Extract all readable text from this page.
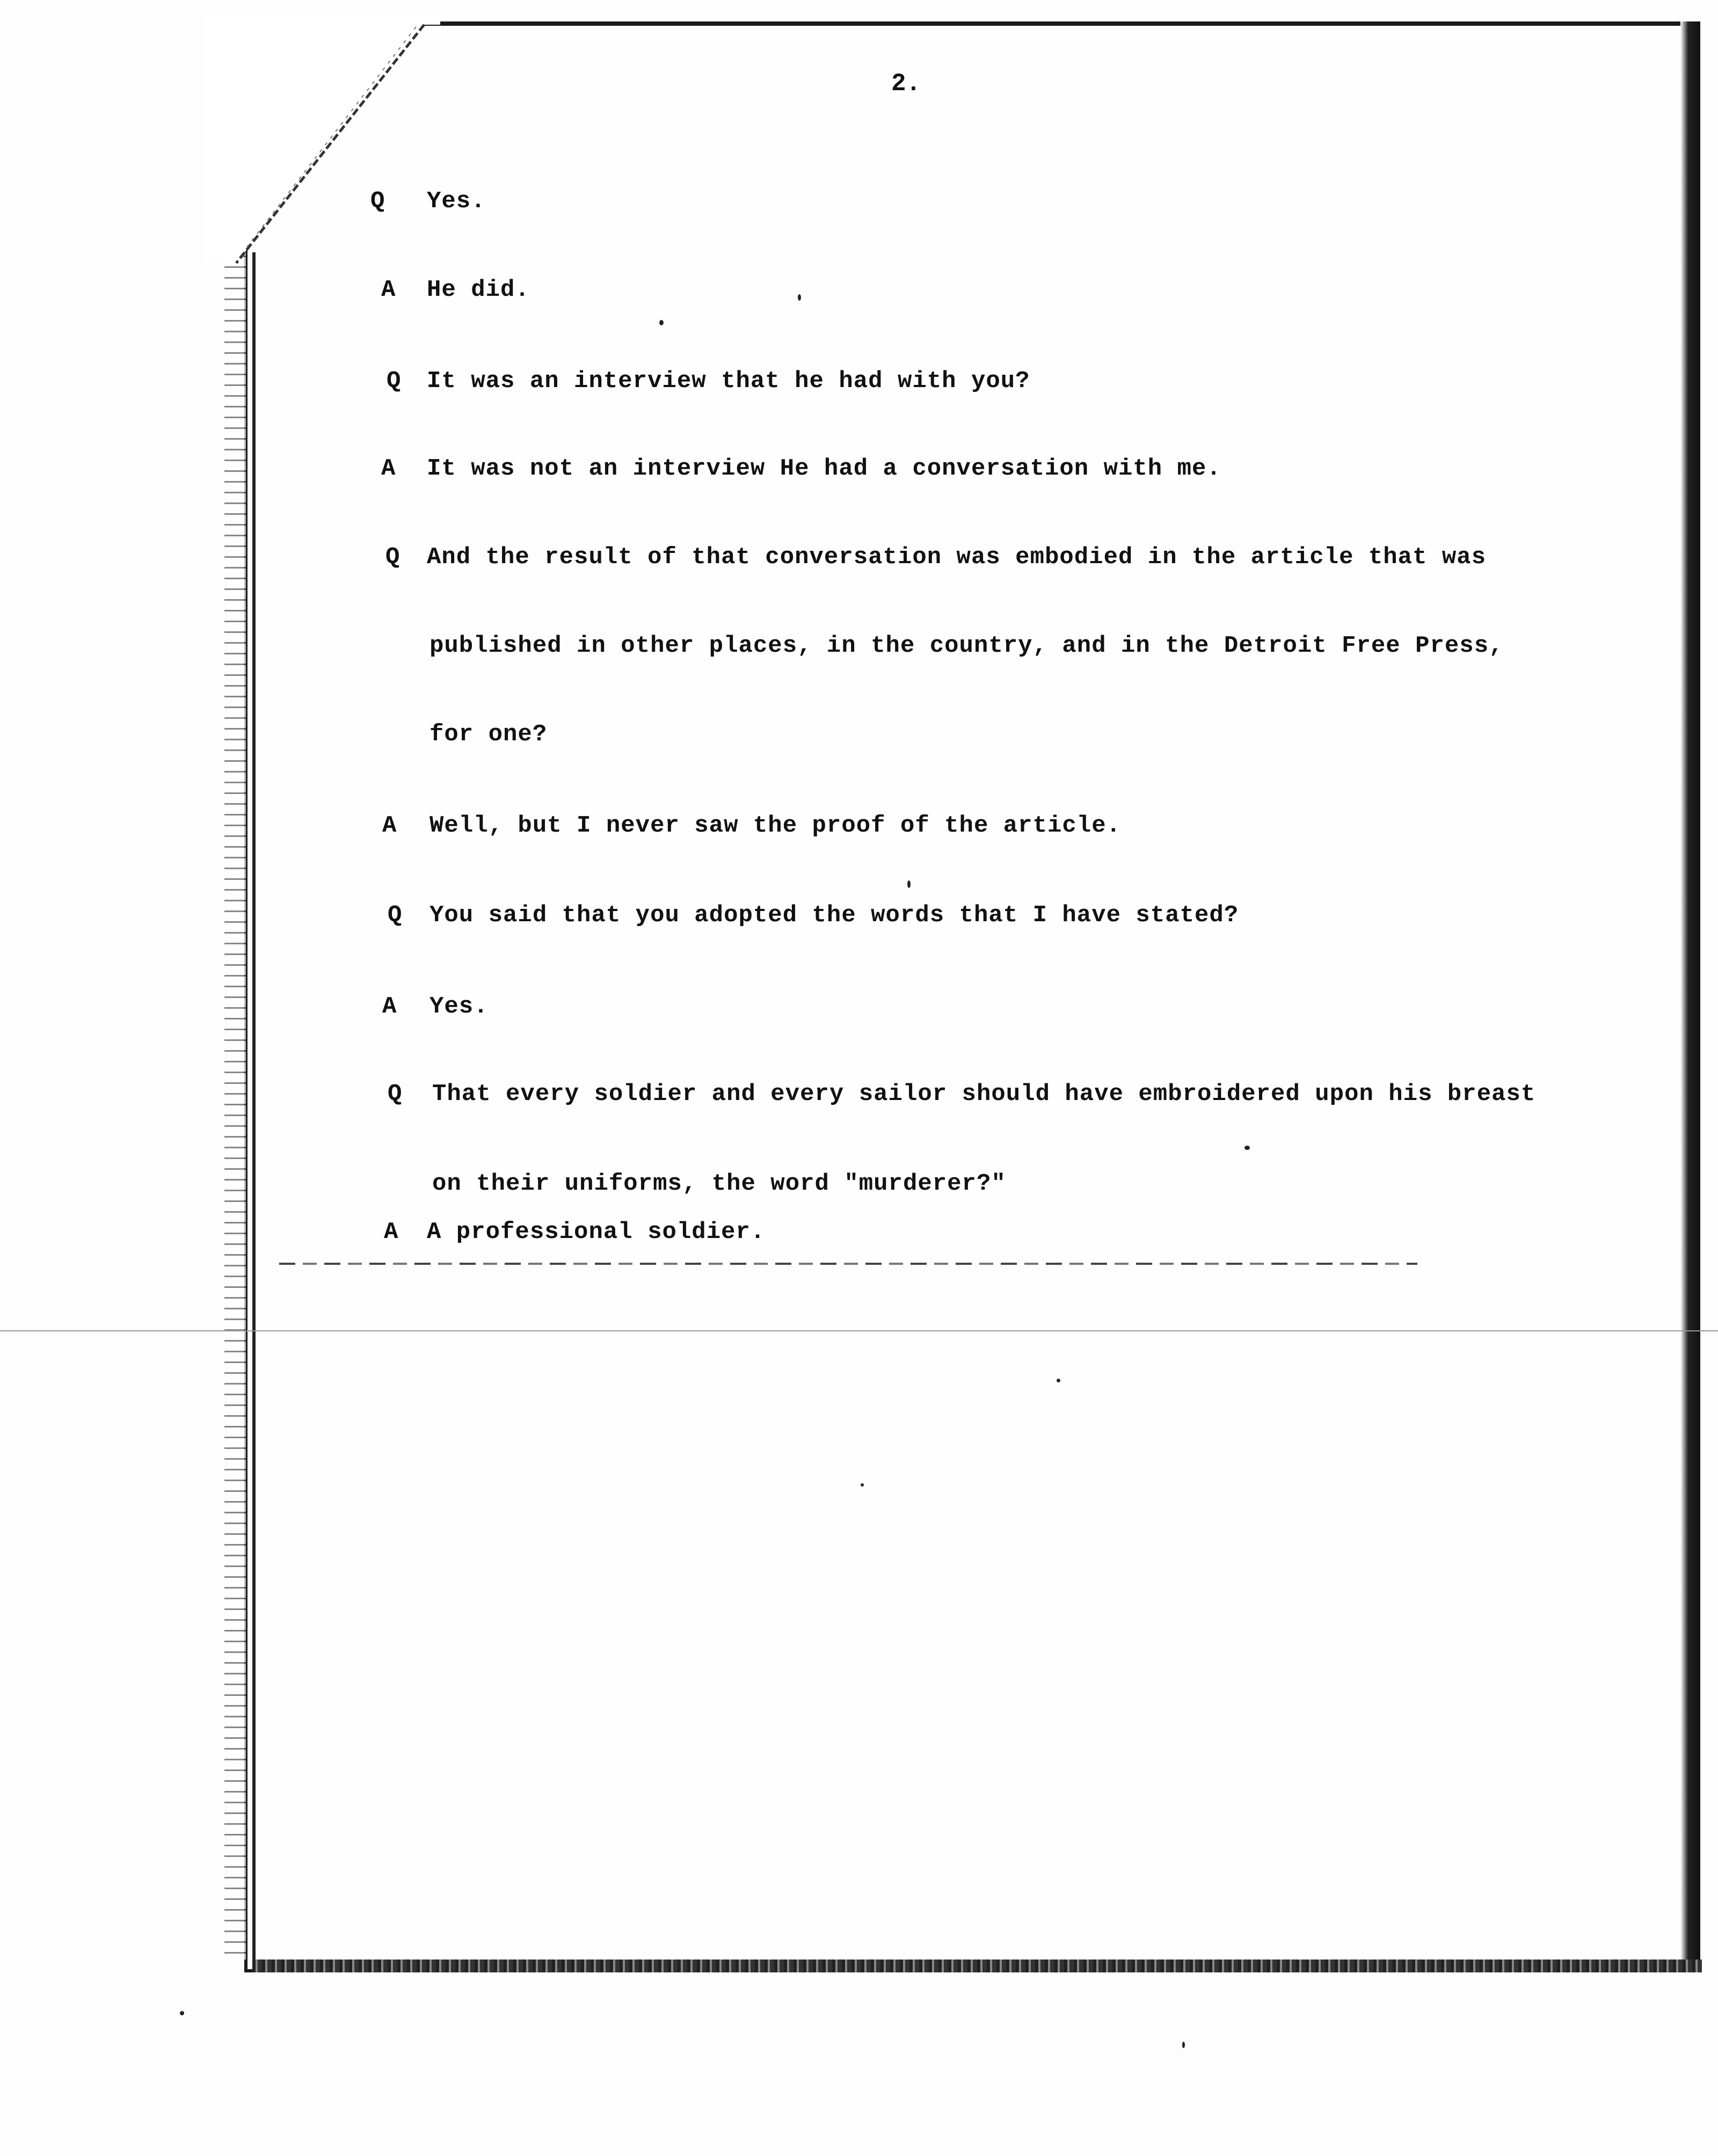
2.
Q Yes.
A He did.
Q It was an interview that he had with you?
A It was not an interview He had a conversation with me.
Q And the result of that conversation was embodied in the article that was
published in other places, in the country, and in the Detroit Free Press,
for one?
A Well, but I never saw the proof of the article.
Q You said that you adopted the words that I have stated?
A Yes.
Q That every soldier and every sailor should have embroidered upon his breast
on their uniforms, the word "murderer?"
A A professional soldier.
